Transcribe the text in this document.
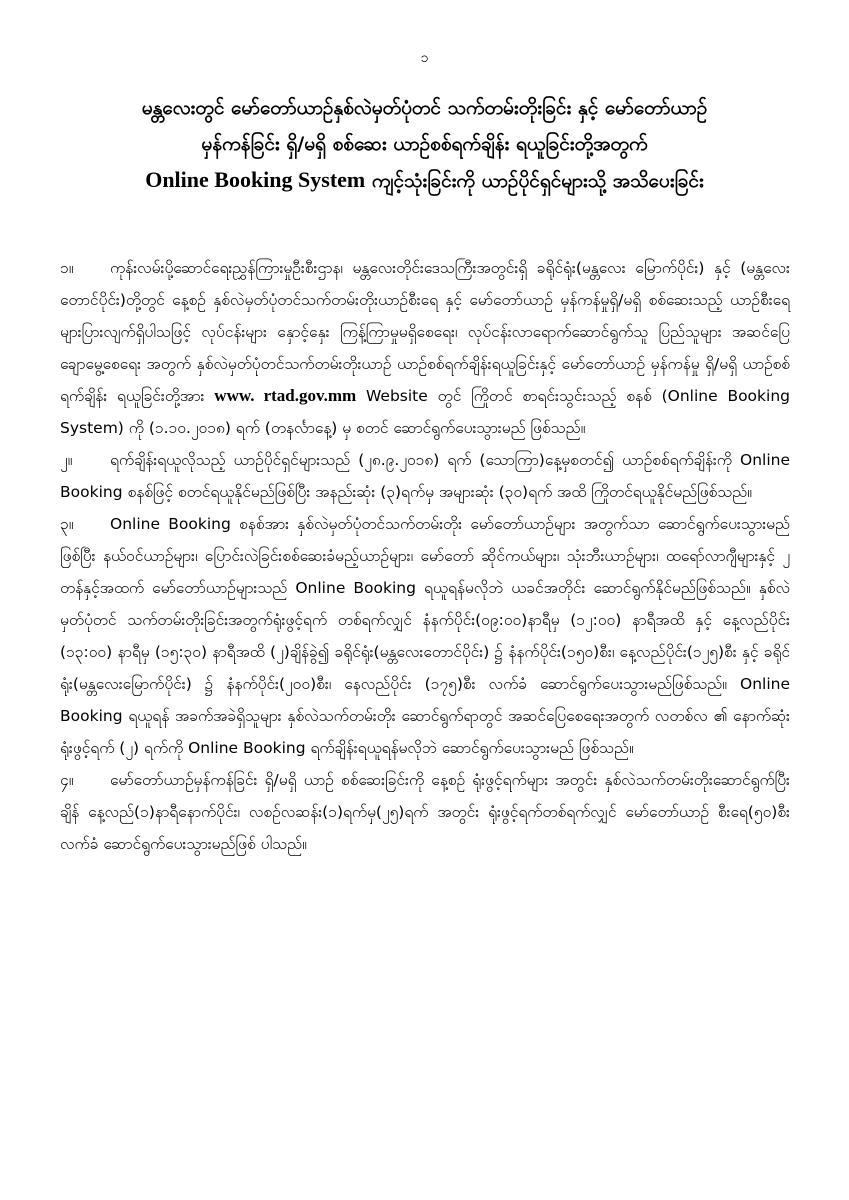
၁
မန္တလေးတွင် မော်တော်ယာဉ်နှစ်လဲမှတ်ပုံတင် သက်တမ်းတိုးခြင်း နှင့် မော်တော်ယာဉ်
မှန်ကန်ခြင်း ရှိ/မရှိ စစ်ဆေး ယာဉ်စစ်ရက်ချိန်း ရယူခြင်းတို့အတွက်
Online Booking System ကျင့်သုံးခြင်းကို ယာဉ်ပိုင်ရှင်များသို့ အသိပေးခြင်း

၁။ ကုန်းလမ်းပို့ဆောင်ရေးညွှန်ကြားမှုဦးစီးဌာန၊ မန္တလေးတိုင်းဒေသကြီးအတွင်းရှိ ခရိုင်ရုံး(မန္တလေး မြောက်ပိုင်း) နှင့် (မန္တလေးတောင်ပိုင်း)တို့တွင် နေ့စဉ် နှစ်လဲမှတ်ပုံတင်သက်တမ်းတိုးယာဉ်စီးရေ နှင့် မော်တော်ယာဉ် မှန်ကန်မှုရှိ/မရှိ စစ်ဆေးသည့် ယာဉ်စီးရေ များပြားလျက်ရှိပါသဖြင့် လုပ်ငန်းများ နှောင့်နှေး ကြန့်ကြာမှုမရှိစေရေး၊ လုပ်ငန်းလာရောက်ဆောင်ရွက်သူ ပြည်သူများ အဆင်ပြေ ချောမွေ့စေရေး အတွက် နှစ်လဲမှတ်ပုံတင်သက်တမ်းတိုးယာဉ် ယာဉ်စစ်ရက်ချိန်းရယူခြင်းနှင့် မော်တော်ယာဉ် မှန်ကန်မှု ရှိ/မရှိ ယာဉ်စစ် ရက်ချိန်း ရယူခြင်းတို့အား www. rtad.gov.mm Website တွင် ကြိုတင် စာရင်းသွင်းသည့် စနစ် (Online Booking System) ကို (၁.၁၀.၂၀၁၈) ရက် (တနင်္လာနေ့) မှ စတင် ဆောင်ရွက်ပေးသွားမည် ဖြစ်သည်။

၂။ ရက်ချိန်းရယူလိုသည့် ယာဉ်ပိုင်ရှင်များသည် (၂၈.၉.၂၀၁၈) ရက် (သောကြာ)နေ့မှစတင်၍ ယာဉ်စစ်ရက်ချိန်းကို Online Booking စနစ်ဖြင့် စတင်ရယူနိုင်မည်ဖြစ်ပြီး အနည်းဆုံး (၃)ရက်မှ အများဆုံး (၃၀)ရက် အထိ ကြိုတင်ရယူနိုင်မည်ဖြစ်သည်။

၃။ Online Booking စနစ်အား နှစ်လဲမှတ်ပုံတင်သက်တမ်းတိုး မော်တော်ယာဉ်များ အတွက်သာ ဆောင်ရွက်ပေးသွားမည်ဖြစ်ပြီး နယ်ဝင်ယာဉ်များ၊ ပြောင်းလဲခြင်းစစ်ဆေးခံမည့်ယာဉ်များ၊ မော်တော် ဆိုင်ကယ်များ၊ သုံးဘီးယာဉ်များ၊ ထရော်လာဂျီများနှင့် ၂ တန်နှင့်အထက် မော်တော်ယာဉ်များသည် Online Booking ရယူရန်မလိုဘဲ ယခင်အတိုင်း ဆောင်ရွက်နိုင်မည်ဖြစ်သည်။ နှစ်လဲမှတ်ပုံတင် သက်တမ်းတိုးခြင်းအတွက်ရုံးဖွင့်ရက် တစ်ရက်လျှင် နံနက်ပိုင်း(၀၉:၀၀)နာရီမှ (၁၂:၀၀) နာရီအထိ နှင့် နေ့လည်ပိုင်း (၁၃:၀၀) နာရီမှ (၁၅:၃၀) နာရီအထိ (၂)ချိန်ခွဲ၍ ခရိုင်ရုံး(မန္တလေးတောင်ပိုင်း) ၌ နံနက်ပိုင်း(၁၅၀)စီး၊ နေ့လည်ပိုင်း(၁၂၅)စီး နှင့် ခရိုင်ရုံး(မန္တလေးမြောက်ပိုင်း) ၌ နံနက်ပိုင်း(၂၀၀)စီး၊ နေလည်ပိုင်း (၁၇၅)စီး လက်ခံ ဆောင်ရွက်ပေးသွားမည်ဖြစ်သည်။ Online Booking ရယူရန် အခက်အခဲရှိသူများ နှစ်လဲသက်တမ်းတိုး ဆောင်ရွက်ရာတွင် အဆင်ပြေစေရေးအတွက် လတစ်လ ၏ နောက်ဆုံး ရုံးဖွင့်ရက် (၂) ရက်ကို Online Booking ရက်ချိန်းရယူရန်မလိုဘဲ ဆောင်ရွက်ပေးသွားမည် ဖြစ်သည်။

၄။ မော်တော်ယာဉ်မှန်ကန်ခြင်း ရှိ/မရှိ ယာဉ် စစ်ဆေးခြင်းကို နေ့စဉ် ရုံးဖွင့်ရက်များ အတွင်း နှစ်လဲသက်တမ်းတိုးဆောင်ရွက်ပြီးချိန် နေ့လည်(၁)နာရီနောက်ပိုင်း၊ လစဉ်လဆန်း(၁)ရက်မှ(၂၅)ရက် အတွင်း ရုံးဖွင့်ရက်တစ်ရက်လျှင် မော်တော်ယာဉ် စီးရေ(၅၀)စီး လက်ခံ ဆောင်ရွက်ပေးသွားမည်ဖြစ် ပါသည်။
